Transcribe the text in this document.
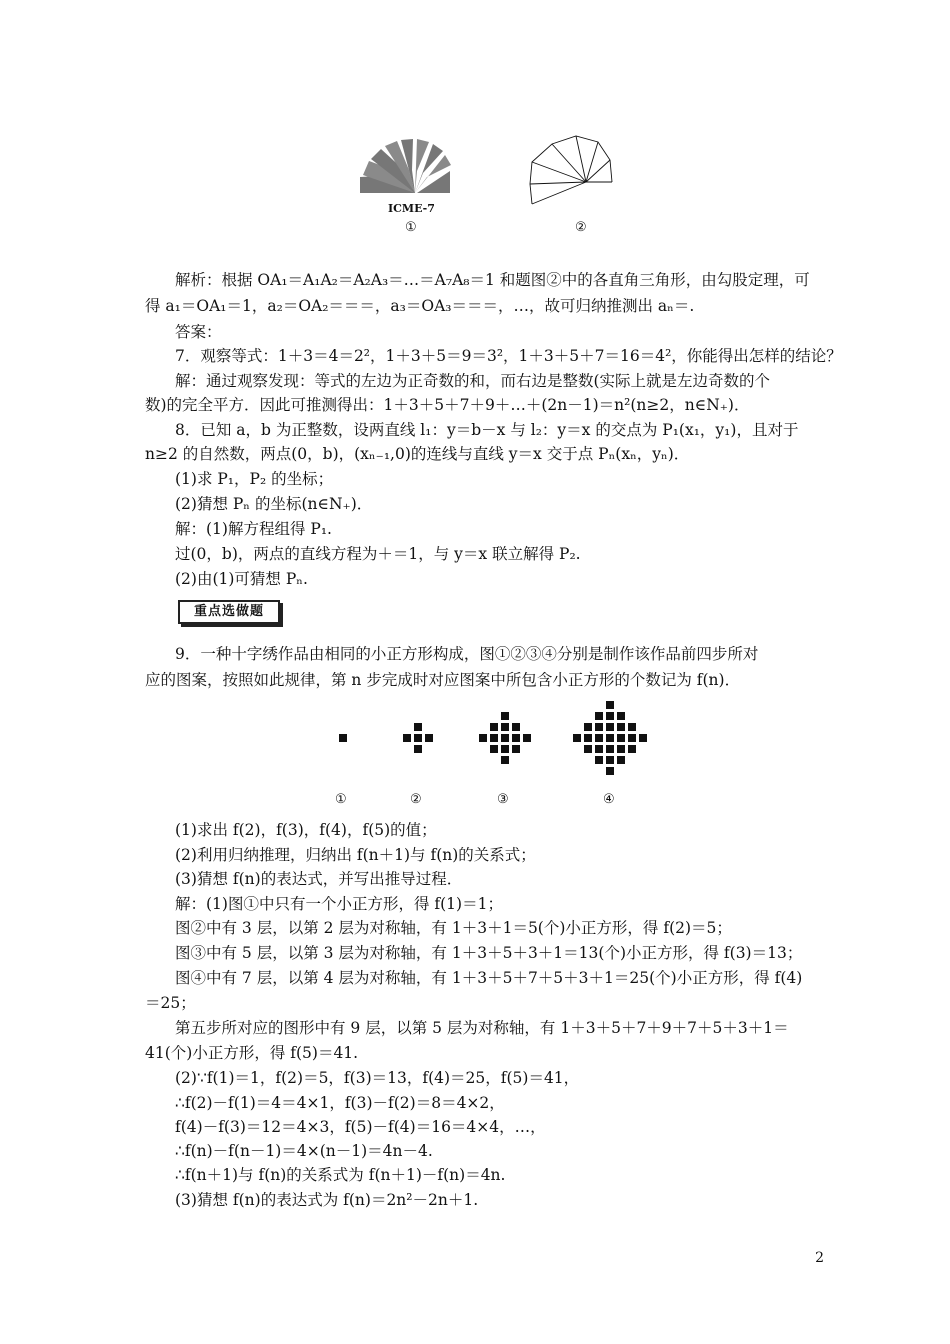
ICME-7
①	②
解析：根据 OA₁＝A₁A₂＝A₂A₃＝…＝A₇A₈＝1 和题图②中的各直角三角形，由勾股定理，可
得 a₁＝OA₁＝1，a₂＝OA₂＝＝＝，a₃＝OA₃＝＝＝，…，故可归纳推测出 aₙ＝.
答案：
7．观察等式：1＋3＝4＝2²，1＋3＋5＝9＝3²，1＋3＋5＋7＝16＝4²，你能得出怎样的结论？
解：通过观察发现：等式的左边为正奇数的和，而右边是整数(实际上就是左边奇数的个
数)的完全平方．因此可推测得出：1＋3＋5＋7＋9＋…＋(2n－1)＝n²(n≥2，n∈N₊)．
8．已知 a，b 为正整数，设两直线 l₁：y＝b－x 与 l₂：y＝x 的交点为 P₁(x₁，y₁)，且对于
n≥2 的自然数，两点(0，b)，(xₙ₋₁,0)的连线与直线 y＝x 交于点 Pₙ(xₙ，yₙ)．
(1)求 P₁，P₂ 的坐标；
(2)猜想 Pₙ 的坐标(n∈N₊)．
解：(1)解方程组得 P₁.
过(0，b)，两点的直线方程为＋＝1，与 y＝x 联立解得 P₂.
(2)由(1)可猜想 Pₙ.
重点选做题
9．一种十字绣作品由相同的小正方形构成，图①②③④分别是制作该作品前四步所对
应的图案，按照如此规律，第 n 步完成时对应图案中所包含小正方形的个数记为 f(n)．
①	②	③	④
(1)求出 f(2)，f(3)，f(4)，f(5)的值；
(2)利用归纳推理，归纳出 f(n＋1)与 f(n)的关系式；
(3)猜想 f(n)的表达式，并写出推导过程．
解：(1)图①中只有一个小正方形，得 f(1)＝1；
图②中有 3 层，以第 2 层为对称轴，有 1＋3＋1＝5(个)小正方形，得 f(2)＝5；
图③中有 5 层，以第 3 层为对称轴，有 1＋3＋5＋3＋1＝13(个)小正方形，得 f(3)＝13；
图④中有 7 层，以第 4 层为对称轴，有 1＋3＋5＋7＋5＋3＋1＝25(个)小正方形，得 f(4)
＝25；
第五步所对应的图形中有 9 层，以第 5 层为对称轴，有 1＋3＋5＋7＋9＋7＋5＋3＋1＝
41(个)小正方形，得 f(5)＝41.
(2)∵f(1)＝1，f(2)＝5，f(3)＝13，f(4)＝25，f(5)＝41，
∴f(2)－f(1)＝4＝4×1，f(3)－f(2)＝8＝4×2，
f(4)－f(3)＝12＝4×3，f(5)－f(4)＝16＝4×4，…，
∴f(n)－f(n－1)＝4×(n－1)＝4n－4.
∴f(n＋1)与 f(n)的关系式为 f(n＋1)－f(n)＝4n.
(3)猜想 f(n)的表达式为 f(n)＝2n²－2n＋1.
2
